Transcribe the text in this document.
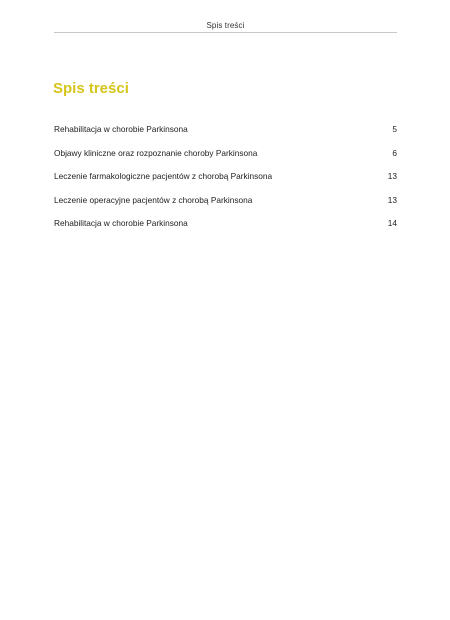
Spis treści
Spis treści
Rehabilitacja w chorobie Parkinsona	5
Objawy kliniczne oraz rozpoznanie choroby Parkinsona	6
Leczenie farmakologiczne pacjentów z chorobą Parkinsona	13
Leczenie operacyjne pacjentów z chorobą Parkinsona	13
Rehabilitacja w chorobie Parkinsona	14
